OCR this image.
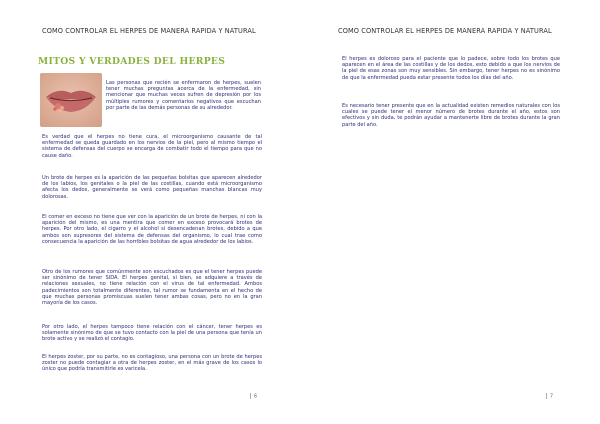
COMO CONTROLAR EL HERPES DE MANERA RAPIDA Y NATURAL
MITOS Y VERDADES DEL HERPES
Las personas que recién se enfermaron de herpes, suelen tener muchas preguntas acerca de la enfermedad, sin mencionar que muchas veces sufren de depresión por los múltiples rumores y comentarios negativos que escuchan por parte de las demás personas de su alrededor.
Es verdad que el herpes no tiene cura, el microorganismo causante de tal enfermedad se queda guardado en los nervios de la piel, pero al mismo tiempo el sistema de defensas del cuerpo se encarga de combatir todo el tiempo para que no cause daño.
Un brote de herpes es la aparición de las pequeñas bolsitas que aparecen alrededor de los labios, los genitales o la piel de las costillas, cuando está microorganismo afecta los dedos, generalmente se verá como pequeñas manchas blancas muy dolorosas.
El comer en exceso no tiene que ver con la aparición de un brote de herpes, ni con la aparición del mismo, es una mentira que comer en exceso provocará brotes de herpes. Por otro lado, el cigarro y el alcohol si desencadenan brotes, debido a que ambos son supresores del sistema de defensas del organismo, lo cual trae como consecuencia la aparición de las horribles bolsitas de agua alrededor de los labios.
Otro de los rumores que comúnmente son escuchados es que el tener herpes puede ser sinónimo de tener SIDA. El herpes genital, si bien, se adquiere a través de relaciones sexuales, no tiene relación con el virus de tal enfermedad. Ambos padecimientos son totalmente diferentes, tal rumor se fundamenta en el hecho de que muchas personas promiscuas suelen tener ambas cosas, pero no en la gran mayoría de los casos.
Por otro lado, el herpes tampoco tiene relación con el cáncer, tener herpes es solamente sinónimo de que se tuvo contacto con la piel de una persona que tenía un brote activo y se realizó el contagio.
El herpes zoster, por su parte, no es contagioso, una persona con un brote de herpes zoster no puede contagiar a otra de herpes zoster, en el más grave de los casos lo único que podría transmitirle es varicela.
6
COMO CONTROLAR EL HERPES DE MANERA RAPIDA Y NATURAL
El herpes es doloroso para el paciente que lo padece, sobre todo los brotes que aparecen en el área de las costillas y de los dedos, esto debido a que los nervios de la piel de esas zonas son muy sensibles. Sin embargo, tener herpes no es sinónimo de que la enfermedad pueda estar presente todos los días del año.
Es necesario tener presente que en la actualidad existen remedios naturales con los cuales se puede tener el menor número de brotes durante el año, estos son efectivos y sin duda, te podrán ayudar a mantenerte libre de brotes durante la gran parte del año.
7
